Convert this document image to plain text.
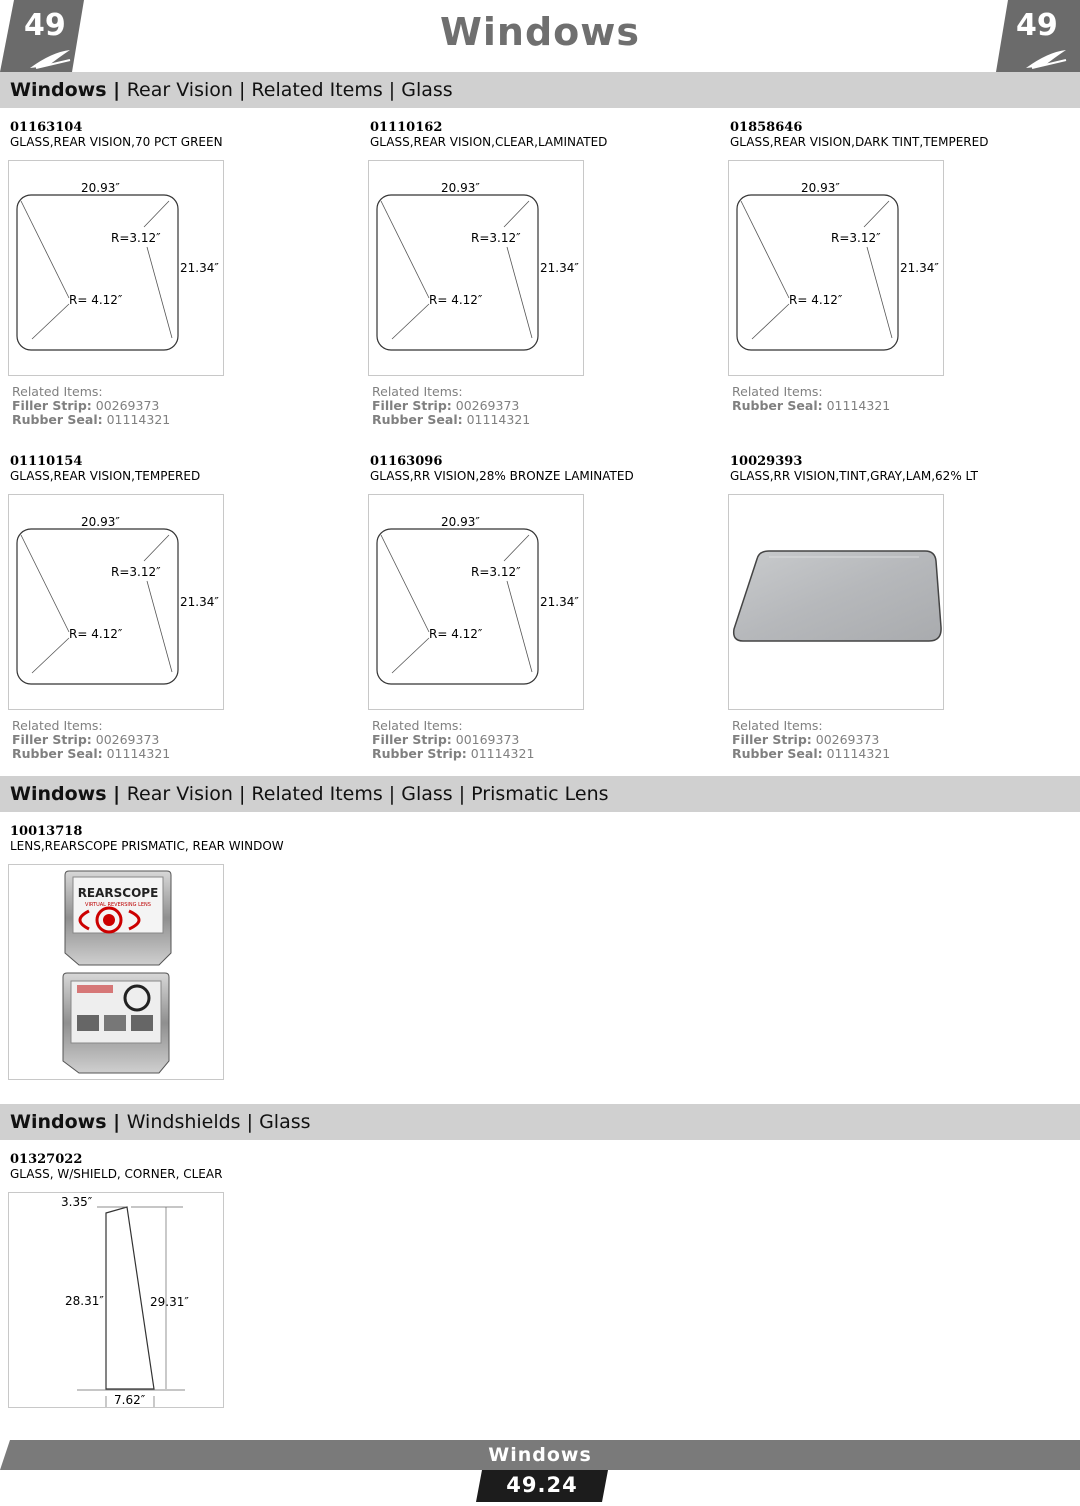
49	Windows	49
Windows | Rear Vision | Related Items | Glass
01163104
GLASS,REAR VISION,70 PCT GREEN
20.93″
R=3.12″
21.34″
R= 4.12″
Related Items:
Filler Strip: 00269373
Rubber Seal: 01114321
01110162
GLASS,REAR VISION,CLEAR,LAMINATED
20.93″
R=3.12″
21.34″
R= 4.12″
Related Items:
Filler Strip: 00269373
Rubber Seal: 01114321
01858646
GLASS,REAR VISION,DARK TINT,TEMPERED
20.93″
R=3.12″
21.34″
R= 4.12″
Related Items:
Rubber Seal: 01114321
01110154
GLASS,REAR VISION,TEMPERED
20.93″
R=3.12″
21.34″
R= 4.12″
Related Items:
Filler Strip: 00269373
Rubber Seal: 01114321
01163096
GLASS,RR VISION,28% BRONZE LAMINATED
20.93″
R=3.12″
21.34″
R= 4.12″
Related Items:
Filler Strip: 00169373
Rubber Strip: 01114321
10029393
GLASS,RR VISION,TINT,GRAY,LAM,62% LT
Related Items:
Filler Strip: 00269373
Rubber Seal: 01114321
Windows | Rear Vision | Related Items | Glass | Prismatic Lens
10013718
LENS,REARSCOPE PRISMATIC, REAR WINDOW
REARSCOPE
VIRTUAL REVERSING LENS
Windows | Windshields | Glass
01327022
GLASS, W/SHIELD, CORNER, CLEAR
3.35″
28.31″	29.31″
7.62″
Windows
49.24
